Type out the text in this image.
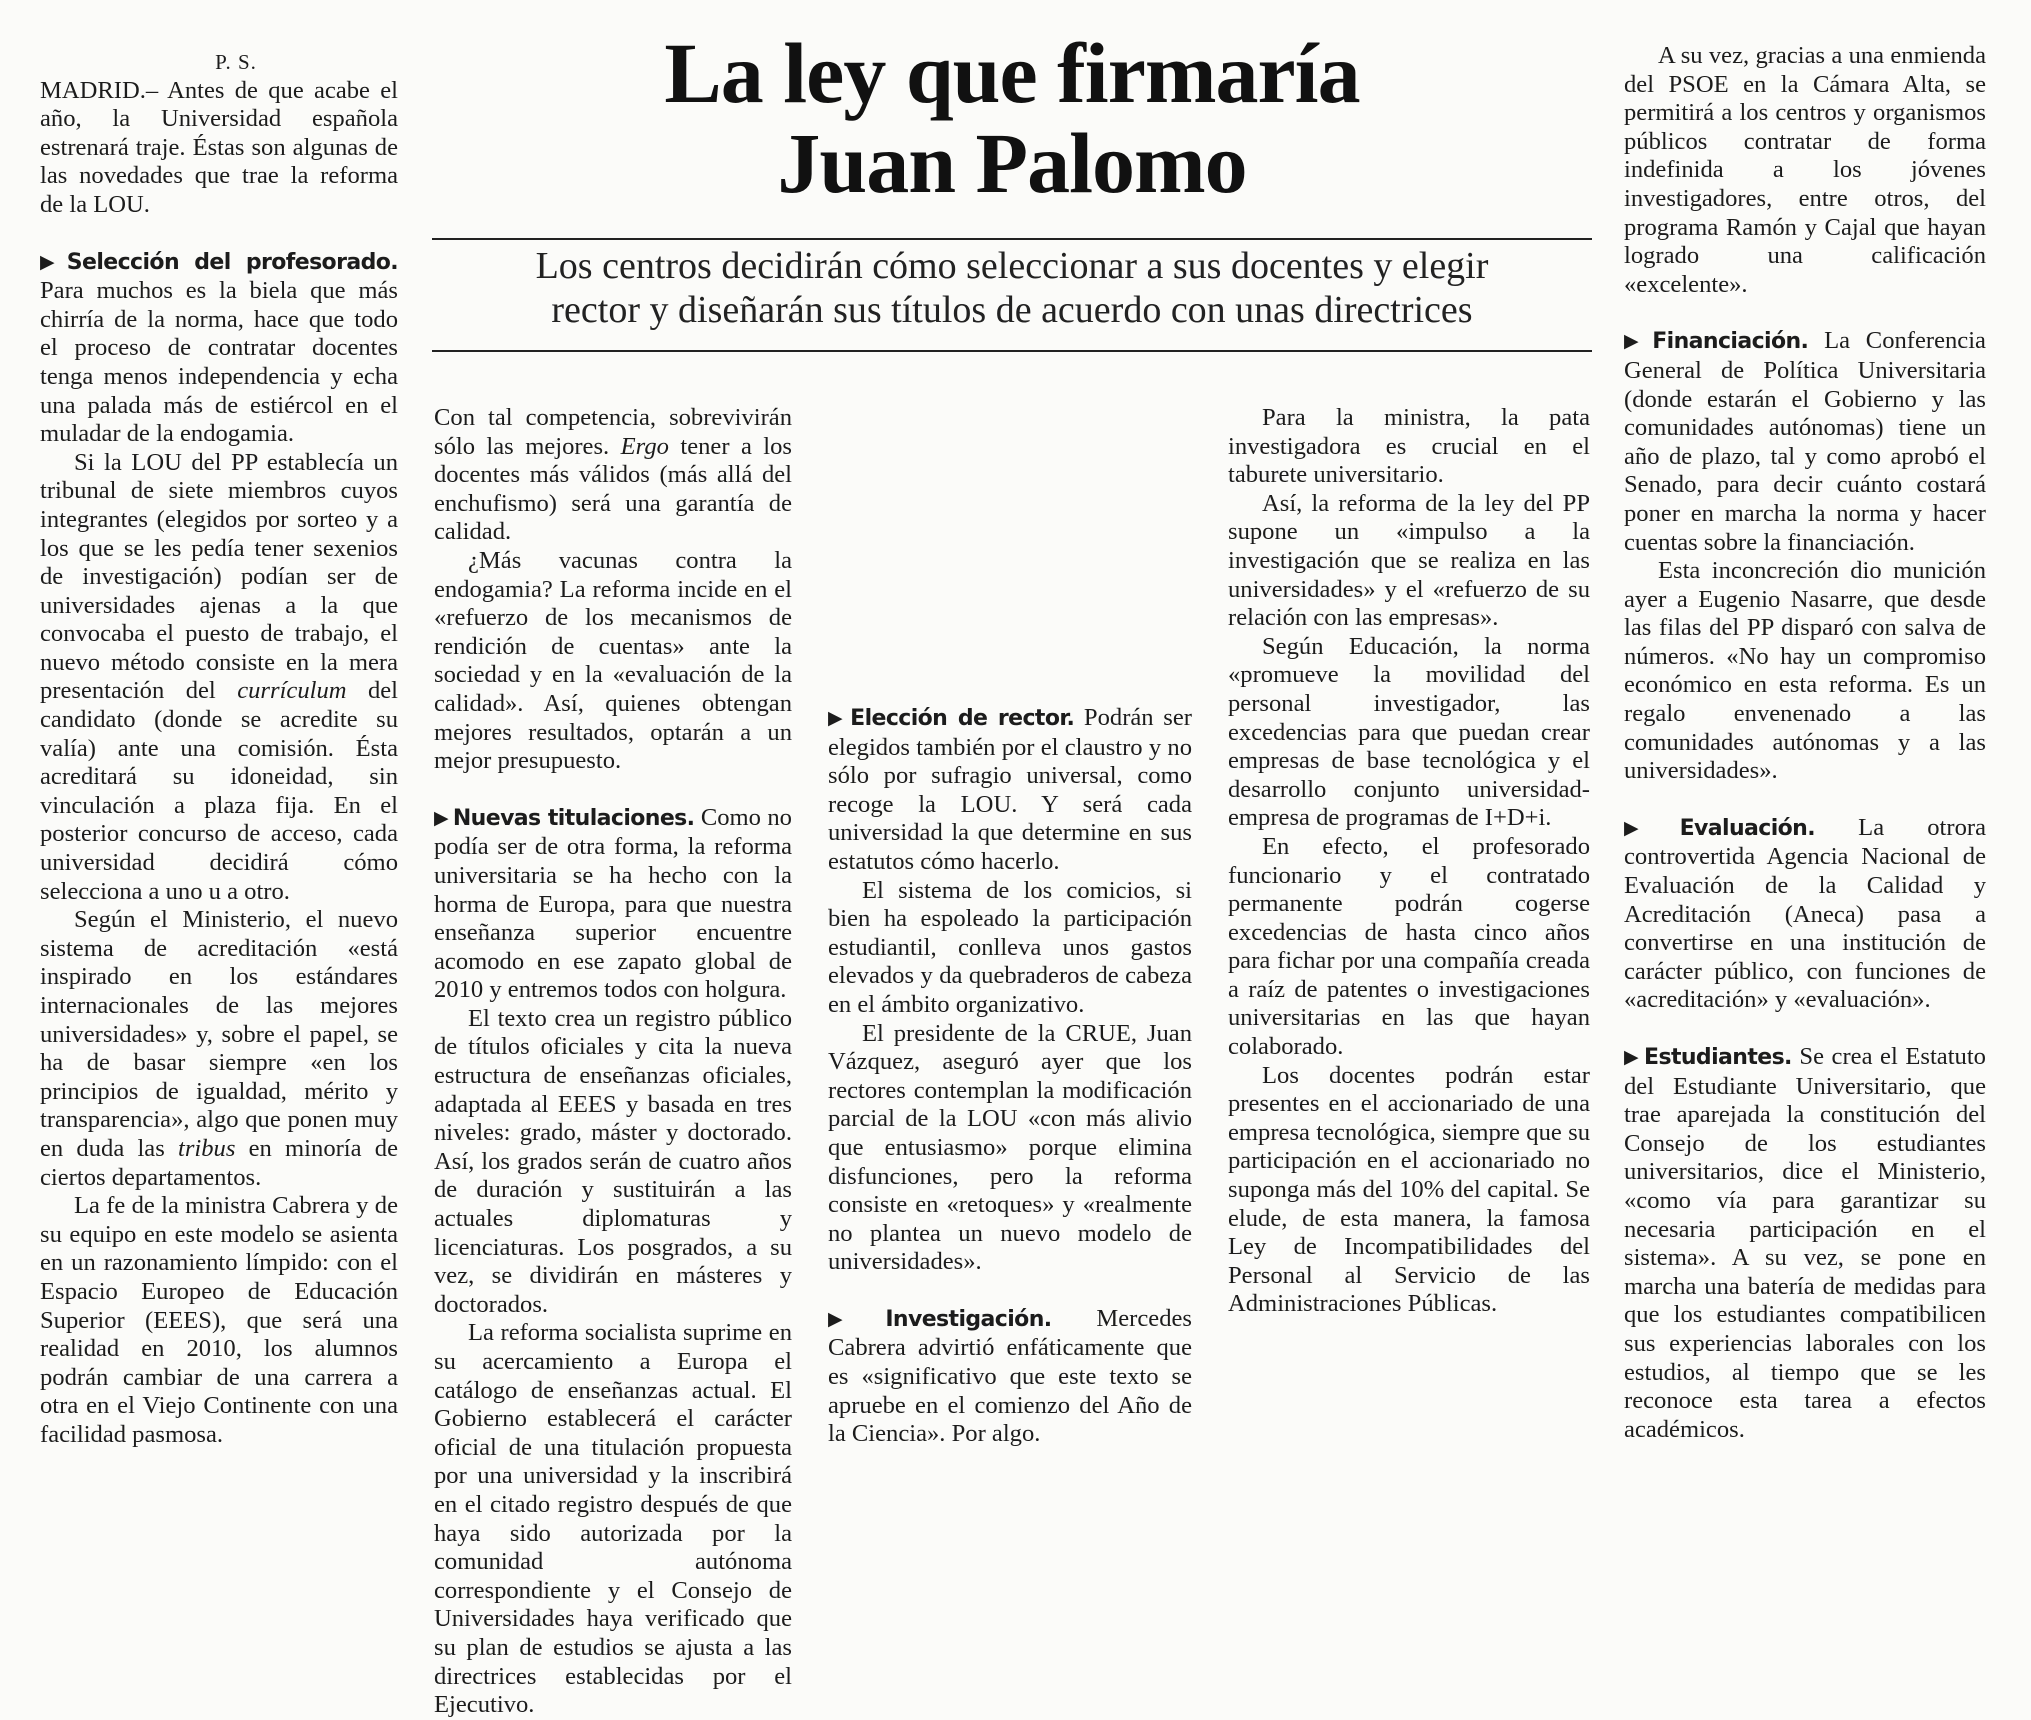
La ley que firmaría
Juan Palomo
Los centros decidirán cómo seleccionar a sus docentes y elegir
rector y diseñarán sus títulos de acuerdo con unas directrices

P. S.

MADRID.– Antes de que acabe el año, la Universidad española estrenará traje. Éstas son algunas de las novedades que trae la reforma de la LOU.

▶ Selección del profesorado. Para muchos es la biela que más chirría de la norma, hace que todo el proceso de contratar docentes tenga menos independencia y echa una palada más de estiércol en el muladar de la endogamia.

Si la LOU del PP establecía un tribunal de siete miembros cuyos integrantes (elegidos por sorteo y a los que se les pedía tener sexenios de investigación) podían ser de universidades ajenas a la que convocaba el puesto de trabajo, el nuevo método consiste en la mera presentación del currículum del candidato (donde se acredite su valía) ante una comisión. Ésta acreditará su idoneidad, sin vinculación a plaza fija. En el posterior concurso de acceso, cada universidad decidirá cómo selecciona a uno u a otro.

Según el Ministerio, el nuevo sistema de acreditación «está inspirado en los estándares internacionales de las mejores universidades» y, sobre el papel, se ha de basar siempre «en los principios de igualdad, mérito y transparencia», algo que ponen muy en duda las tribus en minoría de ciertos departamentos.

La fe de la ministra Cabrera y de su equipo en este modelo se asienta en un razonamiento límpido: con el Espacio Europeo de Educación Superior (EEES), que será una realidad en 2010, los alumnos podrán cambiar de una carrera a otra en el Viejo Continente con una facilidad pasmosa.

Con tal competencia, sobrevivirán sólo las mejores. Ergo tener a los docentes más válidos (más allá del enchufismo) será una garantía de calidad.

¿Más vacunas contra la endogamia? La reforma incide en el «refuerzo de los mecanismos de rendición de cuentas» ante la sociedad y en la «evaluación de la calidad». Así, quienes obtengan mejores resultados, optarán a un mejor presupuesto.

▶ Nuevas titulaciones. Como no podía ser de otra forma, la reforma universitaria se ha hecho con la horma de Europa, para que nuestra enseñanza superior encuentre acomodo en ese zapato global de 2010 y entremos todos con holgura.

El texto crea un registro público de títulos oficiales y cita la nueva estructura de enseñanzas oficiales, adaptada al EEES y basada en tres niveles: grado, máster y doctorado. Así, los grados serán de cuatro años de duración y sustituirán a las actuales diplomaturas y licenciaturas. Los posgrados, a su vez, se dividirán en másteres y doctorados.

La reforma socialista suprime en su acercamiento a Europa el catálogo de enseñanzas actual. El Gobierno establecerá el carácter oficial de una titulación propuesta por una universidad y la inscribirá en el citado registro después de que haya sido autorizada por la comunidad autónoma correspondiente y el Consejo de Universidades haya verificado que su plan de estudios se ajusta a las directrices establecidas por el Ejecutivo.

▶ Elección de rector. Podrán ser elegidos también por el claustro y no sólo por sufragio universal, como recoge la LOU. Y será cada universidad la que determine en sus estatutos cómo hacerlo.

El sistema de los comicios, si bien ha espoleado la participación estudiantil, conlleva unos gastos elevados y da quebraderos de cabeza en el ámbito organizativo.

El presidente de la CRUE, Juan Vázquez, aseguró ayer que los rectores contemplan la modificación parcial de la LOU «con más alivio que entusiasmo» porque elimina disfunciones, pero la reforma consiste en «retoques» y «realmente no plantea un nuevo modelo de universidades».

▶ Investigación. Mercedes Cabrera advirtió enfáticamente que es «significativo que este texto se apruebe en el comienzo del Año de la Ciencia». Por algo.

Para la ministra, la pata investigadora es crucial en el taburete universitario.

Así, la reforma de la ley del PP supone un «impulso a la investigación que se realiza en las universidades» y el «refuerzo de su relación con las empresas».

Según Educación, la norma «promueve la movilidad del personal investigador, las excedencias para que puedan crear empresas de base tecnológica y el desarrollo conjunto universidad-empresa de programas de I+D+i.

En efecto, el profesorado funcionario y el contratado permanente podrán cogerse excedencias de hasta cinco años para fichar por una compañía creada a raíz de patentes o investigaciones universitarias en las que hayan colaborado.

Los docentes podrán estar presentes en el accionariado de una empresa tecnológica, siempre que su participación en el accionariado no suponga más del 10% del capital. Se elude, de esta manera, la famosa Ley de Incompatibilidades del Personal al Servicio de las Administraciones Públicas.

A su vez, gracias a una enmienda del PSOE en la Cámara Alta, se permitirá a los centros y organismos públicos contratar de forma indefinida a los jóvenes investigadores, entre otros, del programa Ramón y Cajal que hayan logrado una calificación «excelente».

▶ Financiación. La Conferencia General de Política Universitaria (donde estarán el Gobierno y las comunidades autónomas) tiene un año de plazo, tal y como aprobó el Senado, para decir cuánto costará poner en marcha la norma y hacer cuentas sobre la financiación.

Esta inconcreción dio munición ayer a Eugenio Nasarre, que desde las filas del PP disparó con salva de números. «No hay un compromiso económico en esta reforma. Es un regalo envenenado a las comunidades autónomas y a las universidades».

▶ Evaluación. La otrora controvertida Agencia Nacional de Evaluación de la Calidad y Acreditación (Aneca) pasa a convertirse en una institución de carácter público, con funciones de «acreditación» y «evaluación».

▶ Estudiantes. Se crea el Estatuto del Estudiante Universitario, que trae aparejada la constitución del Consejo de los estudiantes universitarios, dice el Ministerio, «como vía para garantizar su necesaria participación en el sistema». A su vez, se pone en marcha una batería de medidas para que los estudiantes compatibilicen sus experiencias laborales con los estudios, al tiempo que se les reconoce esta tarea a efectos académicos.
